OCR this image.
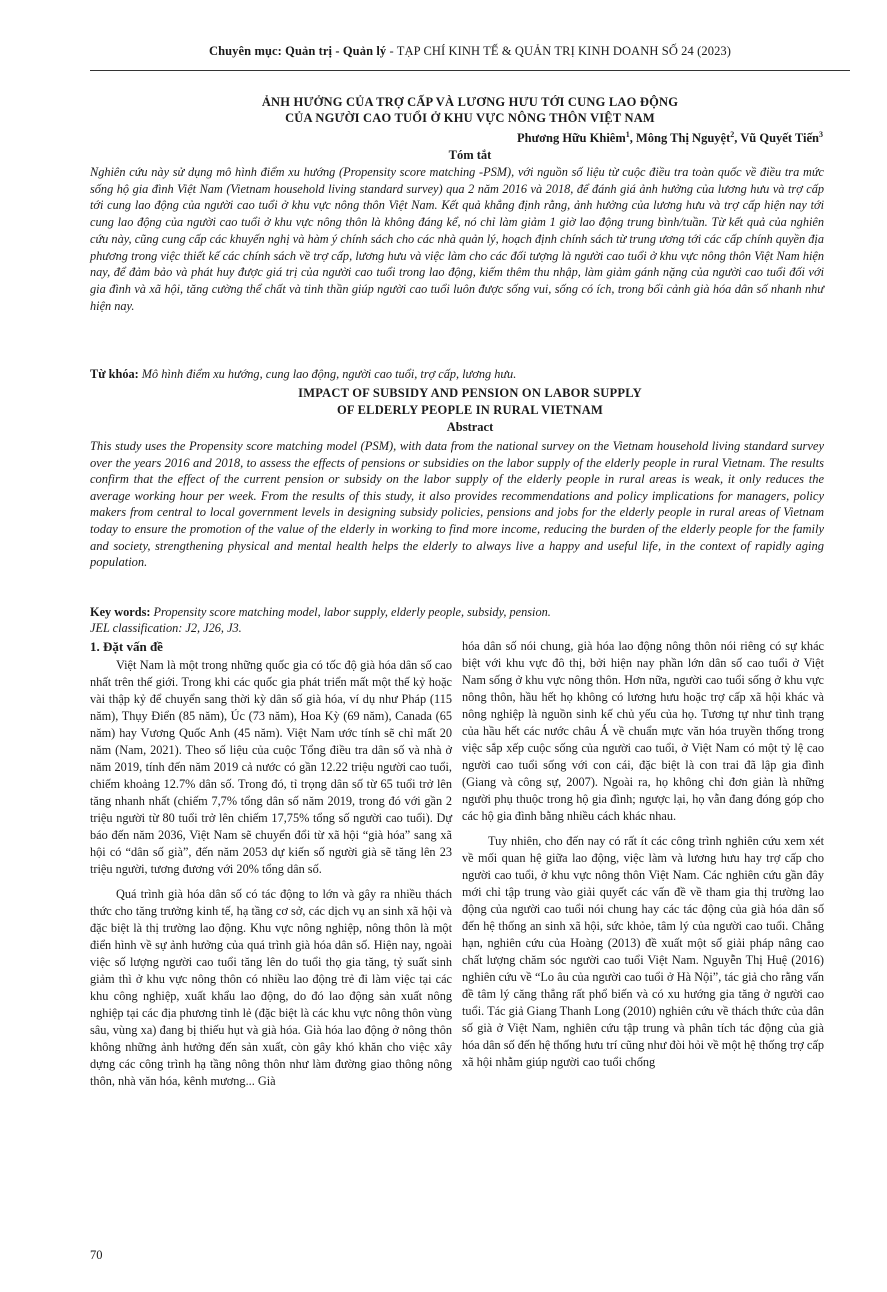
Chuyên mục: Quản trị - Quản lý - TẠP CHÍ KINH TẾ & QUẢN TRỊ KINH DOANH SỐ 24 (2023)
ẢNH HƯỞNG CỦA TRỢ CẤP VÀ LƯƠNG HƯU TỚI CUNG LAO ĐỘNG
CỦA NGƯỜI CAO TUỔI Ở KHU VỰC NÔNG THÔN VIỆT NAM
Phương Hữu Khiêm$^1$, Mông Thị Nguyệt$^2$, Vũ Quyết Tiến$^3$
Tóm tắt
Nghiên cứu này sử dụng mô hình điểm xu hướng (Propensity score matching -PSM), với nguồn số liệu từ cuộc điều tra toàn quốc về điều tra mức sống hộ gia đình Việt Nam (Vietnam household living standard survey) qua 2 năm 2016 và 2018, để đánh giá ảnh hưởng của lương hưu và trợ cấp tới cung lao động của người cao tuổi ở khu vực nông thôn Việt Nam. Kết quả khẳng định rằng, ảnh hưởng của lương hưu và trợ cấp hiện nay tới cung lao động của người cao tuổi ở khu vực nông thôn là không đáng kể, nó chỉ làm giảm 1 giờ lao động trung bình/tuần. Từ kết quả của nghiên cứu này, cũng cung cấp các khuyến nghị và hàm ý chính sách cho các nhà quản lý, hoạch định chính sách từ trung ương tới các cấp chính quyền địa phương trong việc thiết kế các chính sách về trợ cấp, lương hưu và việc làm cho các đối tượng là người cao tuổi ở khu vực nông thôn Việt Nam hiện nay, để đảm bảo và phát huy được giá trị của người cao tuổi trong lao động, kiếm thêm thu nhập, làm giảm gánh nặng của người cao tuổi đối với gia đình và xã hội, tăng cường thể chất và tinh thần giúp người cao tuổi luôn được sống vui, sống có ích, trong bối cảnh già hóa dân số nhanh như hiện nay.
Từ khóa: Mô hình điểm xu hướng, cung lao động, người cao tuổi, trợ cấp, lương hưu.
IMPACT OF SUBSIDY AND PENSION ON LABOR SUPPLY
OF ELDERLY PEOPLE IN RURAL VIETNAM
Abstract
This study uses the Propensity score matching model (PSM), with data from the national survey on the Vietnam household living standard survey over the years 2016 and 2018, to assess the effects of pensions or subsidies on the labor supply of the elderly people in rural Vietnam. The results confirm that the effect of the current pension or subsidy on the labor supply of the elderly people in rural areas is weak, it only reduces the average working hour per week. From the results of this study, it also provides recommendations and policy implications for managers, policy makers from central to local government levels in designing subsidy policies, pensions and jobs for the elderly people in rural areas of Vietnam today to ensure the promotion of the value of the elderly in working to find more income, reducing the burden of the elderly people for the family and society, strengthening physical and mental health helps the elderly to always live a happy and useful life, in the context of rapidly aging population.
Key words: Propensity score matching model, labor supply, elderly people, subsidy, pension.
JEL classification: J2, J26, J3.
1. Đặt vấn đề

Việt Nam là một trong những quốc gia có tốc độ già hóa dân số cao nhất trên thế giới. Trong khi các quốc gia phát triển mất một thế kỷ hoặc vài thập kỷ để chuyển sang thời kỳ dân số già hóa, ví dụ như Pháp (115 năm), Thụy Điển (85 năm), Úc (73 năm), Hoa Kỳ (69 năm), Canada (65 năm) hay Vương Quốc Anh (45 năm). Việt Nam ước tính sẽ chỉ mất 20 năm (Nam, 2021). Theo số liệu của cuộc Tổng điều tra dân số và nhà ở năm 2019, tính đến năm 2019 cả nước có gần 12.22 triệu người cao tuổi, chiếm khoảng 12.7% dân số. Trong đó, tỉ trọng dân số từ 65 tuổi trở lên tăng nhanh nhất (chiếm 7,7% tổng dân số năm 2019, trong đó với gần 2 triệu người từ 80 tuổi trở lên chiếm 17,75% tổng số người cao tuổi). Dự báo đến năm 2036, Việt Nam sẽ chuyển đổi từ xã hội “già hóa” sang xã hội có “dân số già”, đến năm 2053 dự kiến số người già sẽ tăng lên 23 triệu người, tương đương với 20% tổng dân số.

Quá trình già hóa dân số có tác động to lớn và gây ra nhiều thách thức cho tăng trưởng kinh tế, hạ tầng cơ sở, các dịch vụ an sinh xã hội và đặc biệt là thị trường lao động. Khu vực nông nghiệp, nông thôn là một điển hình về sự ảnh hưởng của quá trình già hóa dân số. Hiện nay, ngoài việc số lượng người cao tuổi tăng lên do tuổi thọ gia tăng, tỷ suất sinh giảm thì ở khu vực nông thôn có nhiều lao động trẻ đi làm việc tại các khu công nghiệp, xuất khẩu lao động, do đó lao động sản xuất nông nghiệp tại các địa phương tỉnh lẻ (đặc biệt là các khu vực nông thôn vùng sâu, vùng xa) đang bị thiếu hụt và già hóa. Già hóa lao động ở nông thôn không những ảnh hưởng đến sản xuất, còn gây khó khăn cho việc xây dựng các công trình hạ tầng nông thôn như làm đường giao thông nông thôn, nhà văn hóa, kênh mương... Già

hóa dân số nói chung, già hóa lao động nông thôn nói riêng có sự khác biệt với khu vực đô thị, bởi hiện nay phần lớn dân số cao tuổi ở Việt Nam sống ở khu vực nông thôn. Hơn nữa, người cao tuổi sống ở khu vực nông thôn, hầu hết họ không có lương hưu hoặc trợ cấp xã hội khác và nông nghiệp là nguồn sinh kế chủ yếu của họ. Tương tự như tình trạng của hầu hết các nước châu Á về chuẩn mực văn hóa truyền thống trong việc sắp xếp cuộc sống của người cao tuổi, ở Việt Nam có một tỷ lệ cao người cao tuổi sống với con cái, đặc biệt là con trai đã lập gia đình (Giang và công sự, 2007). Ngoài ra, họ không chỉ đơn giản là những người phụ thuộc trong hộ gia đình; ngược lại, họ vẫn đang đóng góp cho các hộ gia đình bằng nhiều cách khác nhau.

Tuy nhiên, cho đến nay có rất ít các công trình nghiên cứu xem xét về mối quan hệ giữa lao động, việc làm và lương hưu hay trợ cấp cho người cao tuổi, ở khu vực nông thôn Việt Nam. Các nghiên cứu gần đây mới chỉ tập trung vào giải quyết các vấn đề về tham gia thị trường lao động của người cao tuổi nói chung hay các tác động của già hóa dân số đến hệ thống an sinh xã hội, sức khỏe, tâm lý của người cao tuổi. Chẳng hạn, nghiên cứu của Hoàng (2013) đề xuất một số giải pháp nâng cao chất lượng chăm sóc người cao tuổi Việt Nam. Nguyễn Thị Huệ (2016) nghiên cứu về “Lo âu của người cao tuổi ở Hà Nội”, tác giả cho rằng vấn đề tâm lý căng thẳng rất phổ biến và có xu hướng gia tăng ở người cao tuổi. Tác giả Giang Thanh Long (2010) nghiên cứu về thách thức của dân số già ở Việt Nam, nghiên cứu tập trung và phân tích tác động của già hóa dân số đến hệ thống hưu trí cũng như đòi hỏi về một hệ thống trợ cấp xã hội nhằm giúp người cao tuổi chống

70
